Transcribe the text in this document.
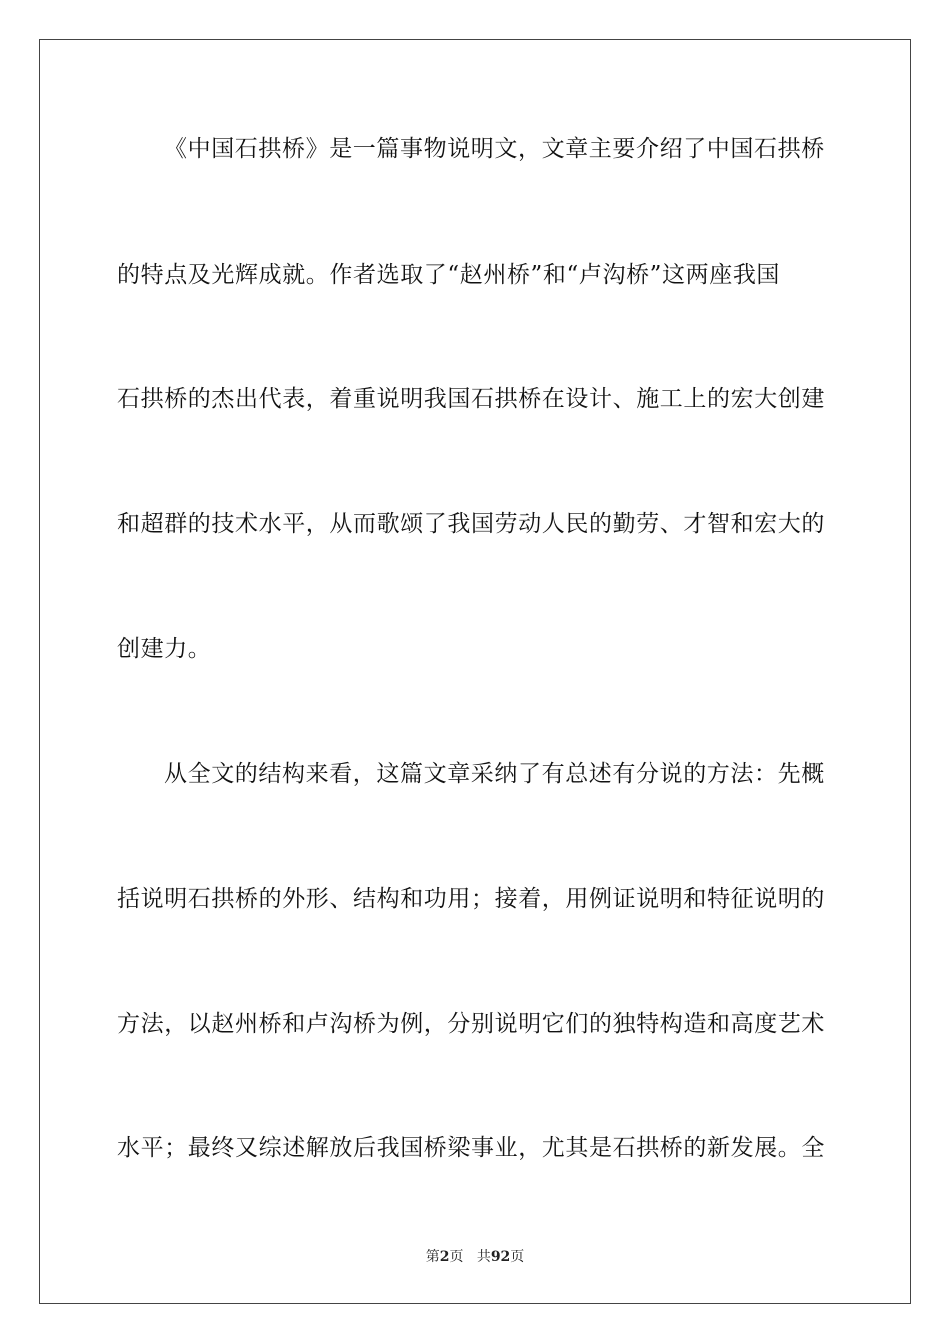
《中国石拱桥》是一篇事物说明文，文章主要介绍了中国石拱桥
的特点及光辉成就。作者选取了“赵州桥”和“卢沟桥”这两座我国
石拱桥的杰出代表，着重说明我国石拱桥在设计、施工上的宏大创建
和超群的技术水平，从而歌颂了我国劳动人民的勤劳、才智和宏大的
创建力。
从全文的结构来看，这篇文章采纳了有总述有分说的方法：先概
括说明石拱桥的外形、结构和功用；接着，用例证说明和特征说明的
方法，以赵州桥和卢沟桥为例，分别说明它们的独特构造和高度艺术
水平；最终又综述解放后我国桥梁事业，尤其是石拱桥的新发展。全
第2页 共92页
